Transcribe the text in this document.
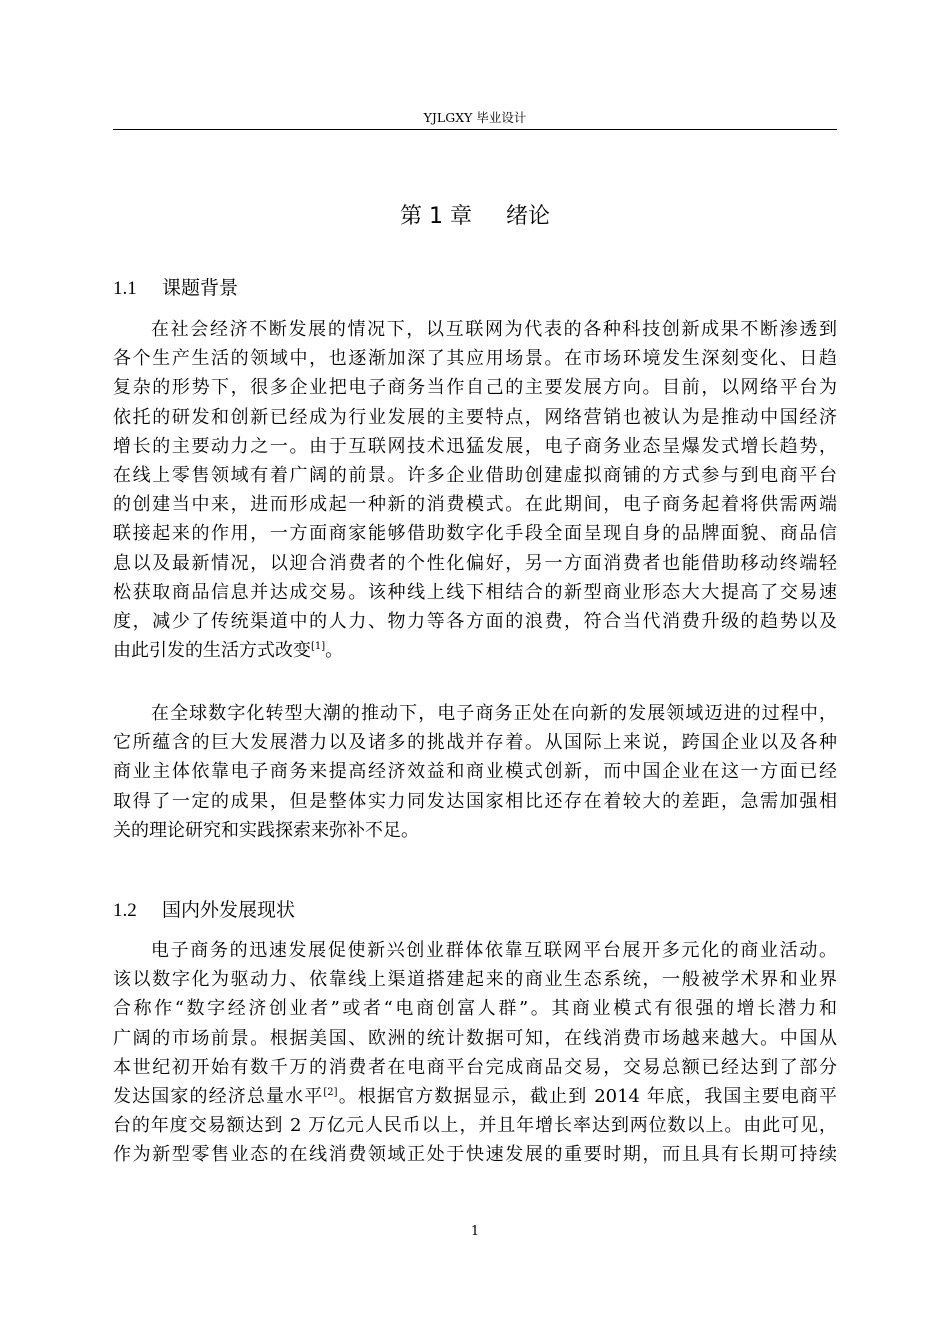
YJLGXY 毕业设计
第 1 章 绪论
1.1 课题背景
在社会经济不断发展的情况下，以互联网为代表的各种科技创新成果不断渗透到
各个生产生活的领域中，也逐渐加深了其应用场景。在市场环境发生深刻变化、日趋
复杂的形势下，很多企业把电子商务当作自己的主要发展方向。目前，以网络平台为
依托的研发和创新已经成为行业发展的主要特点，网络营销也被认为是推动中国经济
增长的主要动力之一。由于互联网技术迅猛发展，电子商务业态呈爆发式增长趋势，
在线上零售领域有着广阔的前景。许多企业借助创建虚拟商铺的方式参与到电商平台
的创建当中来，进而形成起一种新的消费模式。在此期间，电子商务起着将供需两端
联接起来的作用，一方面商家能够借助数字化手段全面呈现自身的品牌面貌、商品信
息以及最新情况，以迎合消费者的个性化偏好，另一方面消费者也能借助移动终端轻
松获取商品信息并达成交易。该种线上线下相结合的新型商业形态大大提高了交易速
度，减少了传统渠道中的人力、物力等各方面的浪费，符合当代消费升级的趋势以及
由此引发的生活方式改变[1]。
在全球数字化转型大潮的推动下，电子商务正处在向新的发展领域迈进的过程中，
它所蕴含的巨大发展潜力以及诸多的挑战并存着。从国际上来说，跨国企业以及各种
商业主体依靠电子商务来提高经济效益和商业模式创新，而中国企业在这一方面已经
取得了一定的成果，但是整体实力同发达国家相比还存在着较大的差距，急需加强相
关的理论研究和实践探索来弥补不足。
1.2 国内外发展现状
电子商务的迅速发展促使新兴创业群体依靠互联网平台展开多元化的商业活动。
该以数字化为驱动力、依靠线上渠道搭建起来的商业生态系统，一般被学术界和业界
合称作“数字经济创业者”或者“电商创富人群”。其商业模式有很强的增长潜力和
广阔的市场前景。根据美国、欧洲的统计数据可知，在线消费市场越来越大。中国从
本世纪初开始有数千万的消费者在电商平台完成商品交易，交易总额已经达到了部分
发达国家的经济总量水平[2]。根据官方数据显示，截止到 2014 年底，我国主要电商平
台的年度交易额达到 2 万亿元人民币以上，并且年增长率达到两位数以上。由此可见，
作为新型零售业态的在线消费领域正处于快速发展的重要时期，而且具有长期可持续
1
